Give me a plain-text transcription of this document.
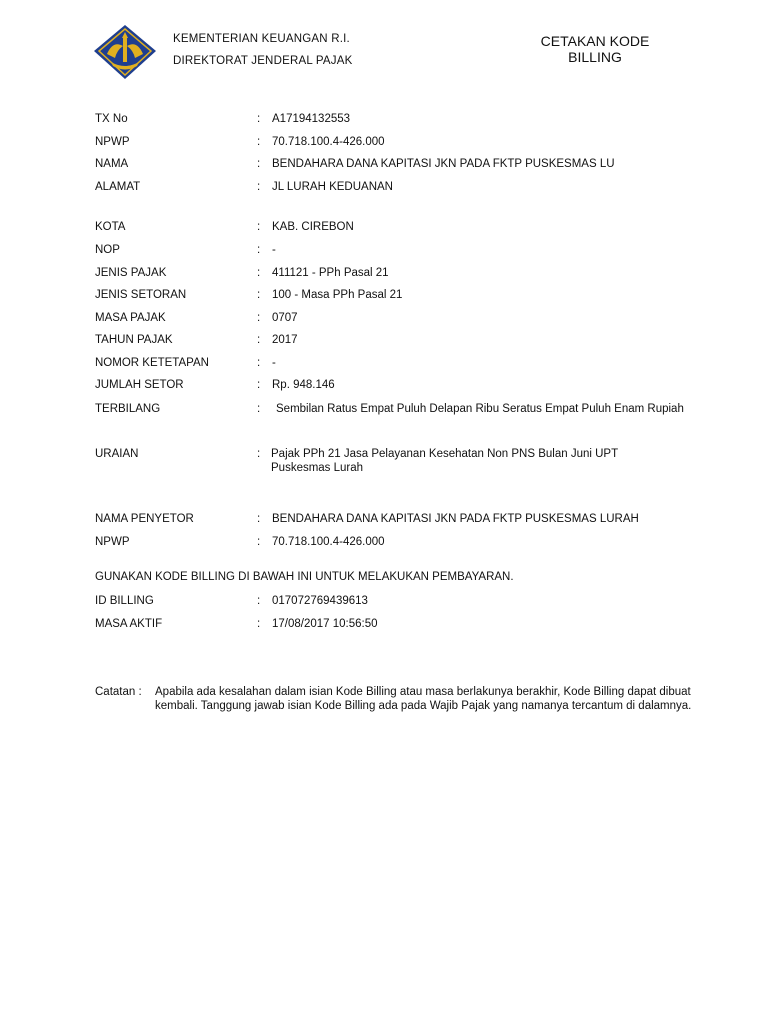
KEMENTERIAN KEUANGAN R.I.
DIREKTORAT JENDERAL PAJAK
CETAKAN KODE
BILLING
TX No	: A17194132553
NPWP	: 70.718.100.4-426.000
NAMA	: BENDAHARA DANA KAPITASI JKN PADA FKTP PUSKESMAS LU
ALAMAT	: JL LURAH KEDUANAN
KOTA	: KAB. CIREBON
NOP	: -
JENIS PAJAK	: 411121 - PPh Pasal 21
JENIS SETORAN	: 100 - Masa PPh Pasal 21
MASA PAJAK	: 0707
TAHUN PAJAK	: 2017
NOMOR KETETAPAN	: -
JUMLAH SETOR	: Rp. 948.146
TERBILANG	: Sembilan Ratus Empat Puluh Delapan Ribu Seratus Empat Puluh Enam Rupiah
URAIAN	: Pajak PPh 21 Jasa Pelayanan Kesehatan Non PNS Bulan Juni UPT Puskesmas Lurah
NAMA PENYETOR	: BENDAHARA DANA KAPITASI JKN PADA FKTP PUSKESMAS LURAH
NPWP	: 70.718.100.4-426.000
GUNAKAN KODE BILLING DI BAWAH INI UNTUK MELAKUKAN PEMBAYARAN.
ID BILLING	: 017072769439613
MASA AKTIF	: 17/08/2017 10:56:50
Catatan : Apabila ada kesalahan dalam isian Kode Billing atau masa berlakunya berakhir, Kode Billing dapat dibuat kembali. Tanggung jawab isian Kode Billing ada pada Wajib Pajak yang namanya tercantum di dalamnya.
